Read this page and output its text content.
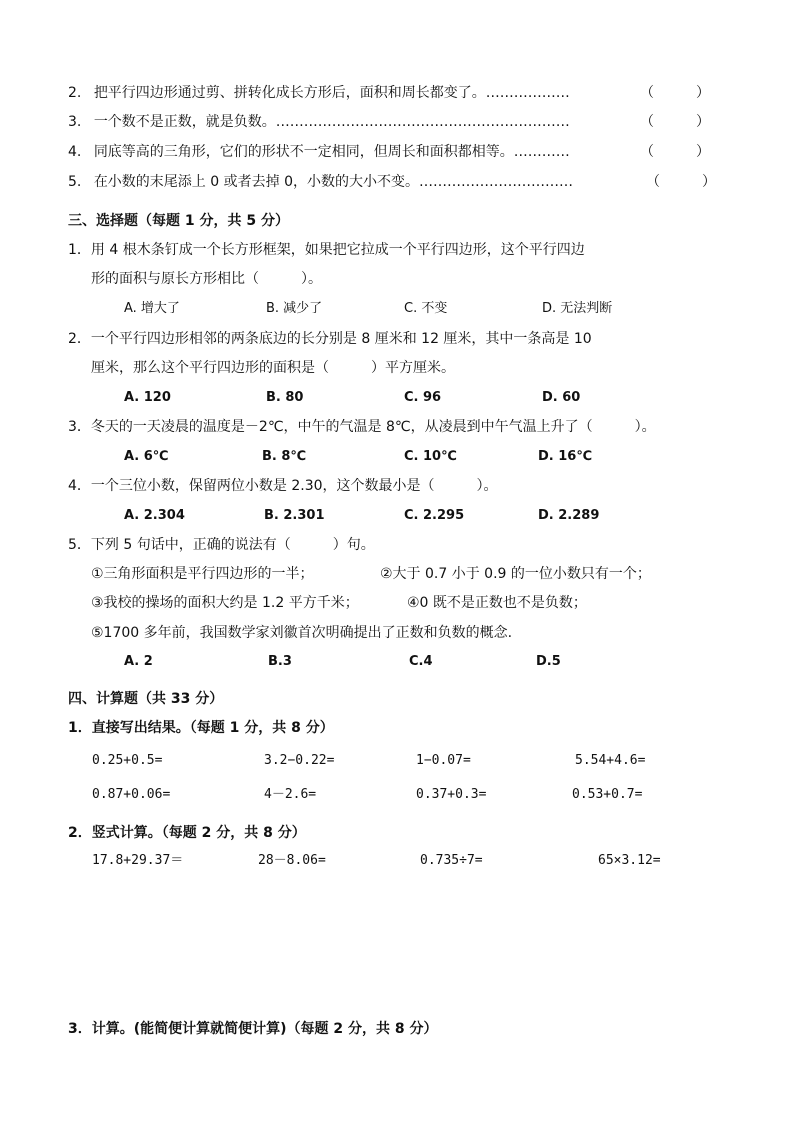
2. 把平行四边形通过剪、拼转化成长方形后，面积和周长都变了。………………	（　　　）
3. 一个数不是正数，就是负数。………………………………………………………	（　　　）
4. 同底等高的三角形，它们的形状不一定相同，但周长和面积都相等。…………	（　　　）
5. 在小数的末尾添上 0 或者去掉 0，小数的大小不变。……………………………	（　　　）
三、选择题（每题 1 分，共 5 分）
1．用 4 根木条钉成一个长方形框架，如果把它拉成一个平行四边形，这个平行四边
形的面积与原长方形相比（　　　）。
A. 增大了	B. 减少了	C. 不变	D. 无法判断
2．一个平行四边形相邻的两条底边的长分别是 8 厘米和 12 厘米，其中一条高是 10
厘米，那么这个平行四边形的面积是（　　　）平方厘米。
A. 120	B. 80	C. 96	D. 60
3．冬天的一天凌晨的温度是－2℃，中午的气温是 8℃，从凌晨到中午气温上升了（　　　）。
A. 6℃	B. 8℃	C. 10℃	D. 16℃
4．一个三位小数，保留两位小数是 2.30，这个数最小是（　　　）。
A. 2.304	B. 2.301	C. 2.295	D. 2.289
5．下列 5 句话中，正确的说法有（　　　）句。
①三角形面积是平行四边形的一半；	②大于 0.7 小于 0.9 的一位小数只有一个；
③我校的操场的面积大约是 1.2 平方千米；	④0 既不是正数也不是负数；
⑤1700 多年前，我国数学家刘徽首次明确提出了正数和负数的概念.
A. 2	B.3	C.4	D.5
四、计算题（共 33 分）
1．直接写出结果。（每题 1 分，共 8 分）
0.25+0.5=	3.2−0.22=	1−0.07=	5.54+4.6=
0.87+0.06=	4－2.6=	0.37+0.3=	0.53+0.7=
2．竖式计算。（每题 2 分，共 8 分）
17.8+29.37＝	28－8.06=	0.735÷7=	65×3.12=
3．计算。(能简便计算就简便计算)（每题 2 分，共 8 分）
